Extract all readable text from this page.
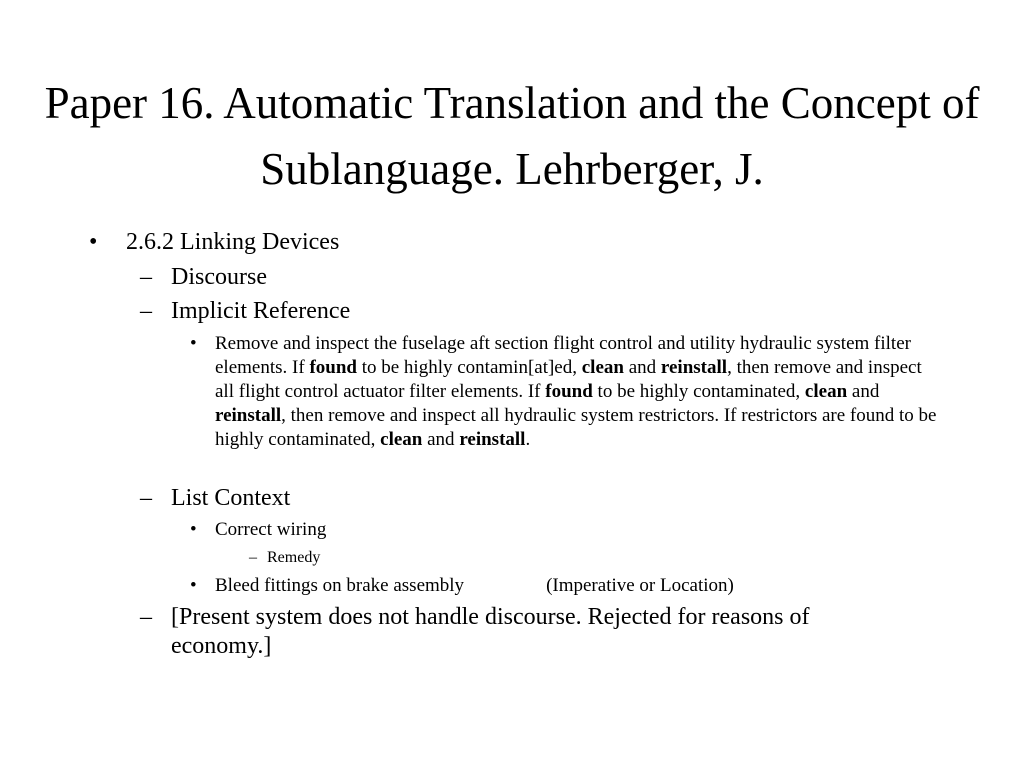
Paper 16. Automatic Translation and the Concept of Sublanguage. Lehrberger, J.
• 2.6.2 Linking Devices
– Discourse
– Implicit Reference
• Remove and inspect the fuselage aft section flight control and utility hydraulic system filter elements. If found to be highly contamin[at]ed, clean and reinstall, then remove and inspect all flight control actuator filter elements. If found to be highly contaminated, clean and reinstall, then remove and inspect all hydraulic system restrictors. If restrictors are found to be highly contaminated, clean and reinstall.
– List Context
• Correct wiring
– Remedy
• Bleed fittings on brake assembly	(Imperative or Location)
– [Present system does not handle discourse. Rejected for reasons of economy.]
